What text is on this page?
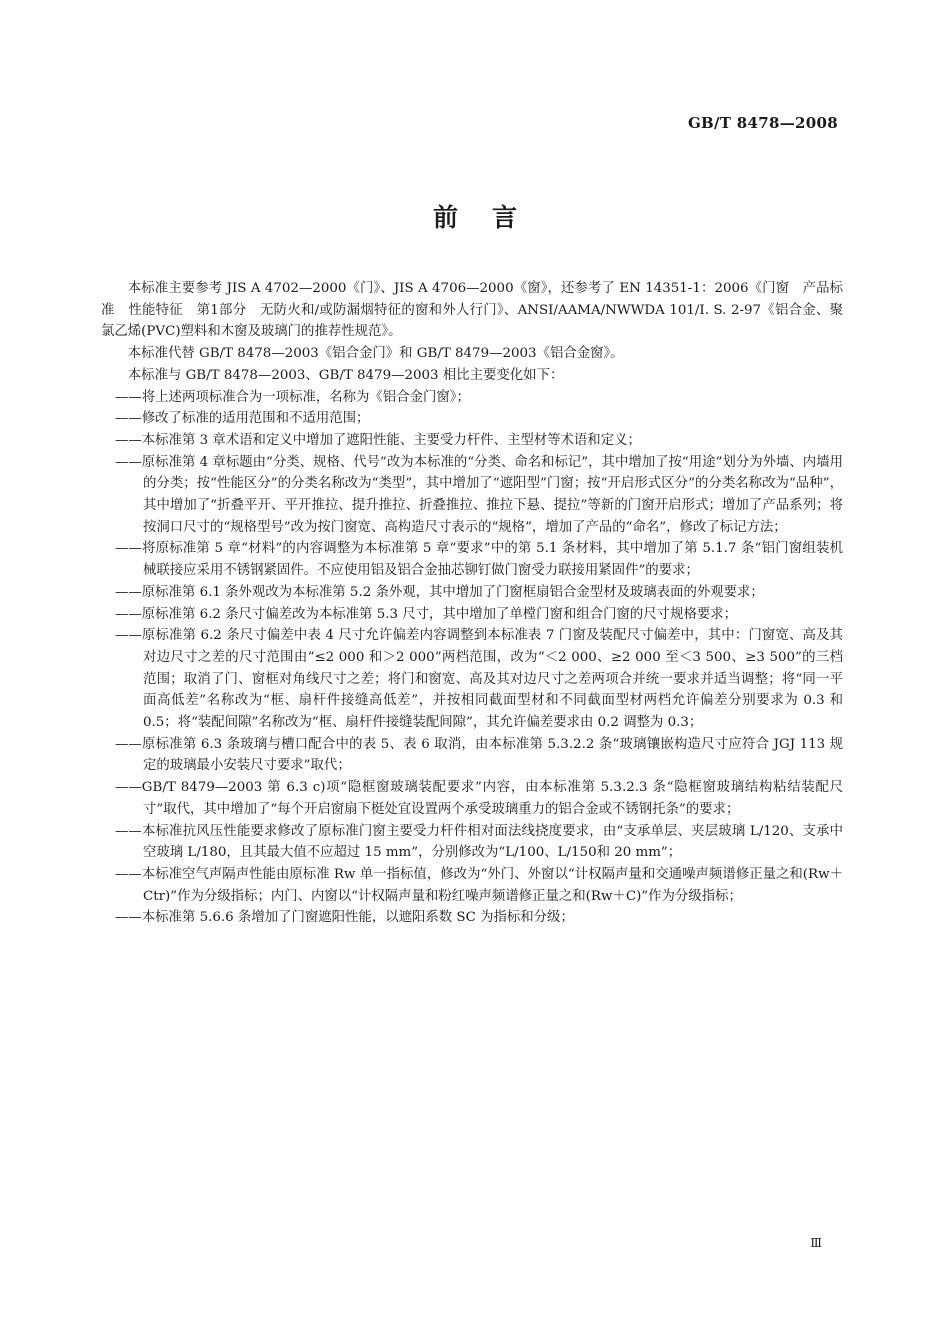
GB/T 8478—2008
前言

本标准主要参考 JIS A 4702—2000《门》、JIS A 4706—2000《窗》，还参考了 EN 14351-1：2006《门窗　产品标准　性能特征　第1部分　无防火和/或防漏烟特征的窗和外人行门》、ANSI/AAMA/NWWDA 101/I. S. 2-97《铝合金、聚氯乙烯(PVC)塑料和木窗及玻璃门的推荐性规范》。

本标准代替 GB/T 8478—2003《铝合金门》和 GB/T 8479—2003《铝合金窗》。

本标准与 GB/T 8478—2003、GB/T 8479—2003 相比主要变化如下：

——将上述两项标准合为一项标准，名称为《铝合金门窗》；

——修改了标准的适用范围和不适用范围；

——本标准第 3 章术语和定义中增加了遮阳性能、主要受力杆件、主型材等术语和定义；

——原标准第 4 章标题由“分类、规格、代号”改为本标准的“分类、命名和标记”，其中增加了按“用途”划分为外墙、内墙用的分类；按“性能区分”的分类名称改为“类型”，其中增加了“遮阳型”门窗；按“开启形式区分”的分类名称改为“品种”，其中增加了“折叠平开、平开推拉、提升推拉、折叠推拉、推拉下悬、提拉”等新的门窗开启形式；增加了产品系列；将按洞口尺寸的“规格型号”改为按门窗宽、高构造尺寸表示的“规格”，增加了产品的“命名”，修改了标记方法；

——将原标准第 5 章“材料”的内容调整为本标准第 5 章“要求”中的第 5.1 条材料，其中增加了第 5.1.7 条“铝门窗组装机械联接应采用不锈钢紧固件。不应使用铝及铝合金抽芯铆钉做门窗受力联接用紧固件”的要求；

——原标准第 6.1 条外观改为本标准第 5.2 条外观，其中增加了门窗框扇铝合金型材及玻璃表面的外观要求；

——原标准第 6.2 条尺寸偏差改为本标准第 5.3 尺寸，其中增加了单樘门窗和组合门窗的尺寸规格要求；

——原标准第 6.2 条尺寸偏差中表 4 尺寸允许偏差内容调整到本标准表 7 门窗及装配尺寸偏差中，其中：门窗宽、高及其对边尺寸之差的尺寸范围由“≤2 000 和＞2 000”两档范围，改为“＜2 000、≥2 000 至＜3 500、≥3 500”的三档范围；取消了门、窗框对角线尺寸之差；将门和窗宽、高及其对边尺寸之差两项合并统一要求并适当调整；将“同一平面高低差”名称改为“框、扇杆件接缝高低差”，并按相同截面型材和不同截面型材两档允许偏差分别要求为 0.3 和 0.5；将“装配间隙”名称改为“框、扇杆件接缝装配间隙”，其允许偏差要求由 0.2 调整为 0.3；

——原标准第 6.3 条玻璃与槽口配合中的表 5、表 6 取消，由本标准第 5.3.2.2 条“玻璃镶嵌构造尺寸应符合 JGJ 113 规定的玻璃最小安装尺寸要求”取代；

——GB/T 8479—2003 第 6.3 c)项“隐框窗玻璃装配要求”内容，由本标准第 5.3.2.3 条“隐框窗玻璃结构粘结装配尺寸”取代，其中增加了“每个开启窗扇下梃处宜设置两个承受玻璃重力的铝合金或不锈钢托条”的要求；

——本标准抗风压性能要求修改了原标准门窗主要受力杆件相对面法线挠度要求，由“支承单层、夹层玻璃 L/120、支承中空玻璃 L/180，且其最大值不应超过 15 mm”，分别修改为“L/100、L/150和 20 mm”；

——本标准空气声隔声性能由原标准 Rw 单一指标值，修改为“外门、外窗以“计权隔声量和交通噪声频谱修正量之和(Rw＋Ctr)”作为分级指标；内门、内窗以“计权隔声量和粉红噪声频谱修正量之和(Rw＋C)”作为分级指标；

——本标准第 5.6.6 条增加了门窗遮阳性能，以遮阳系数 SC 为指标和分级；

Ⅲ
